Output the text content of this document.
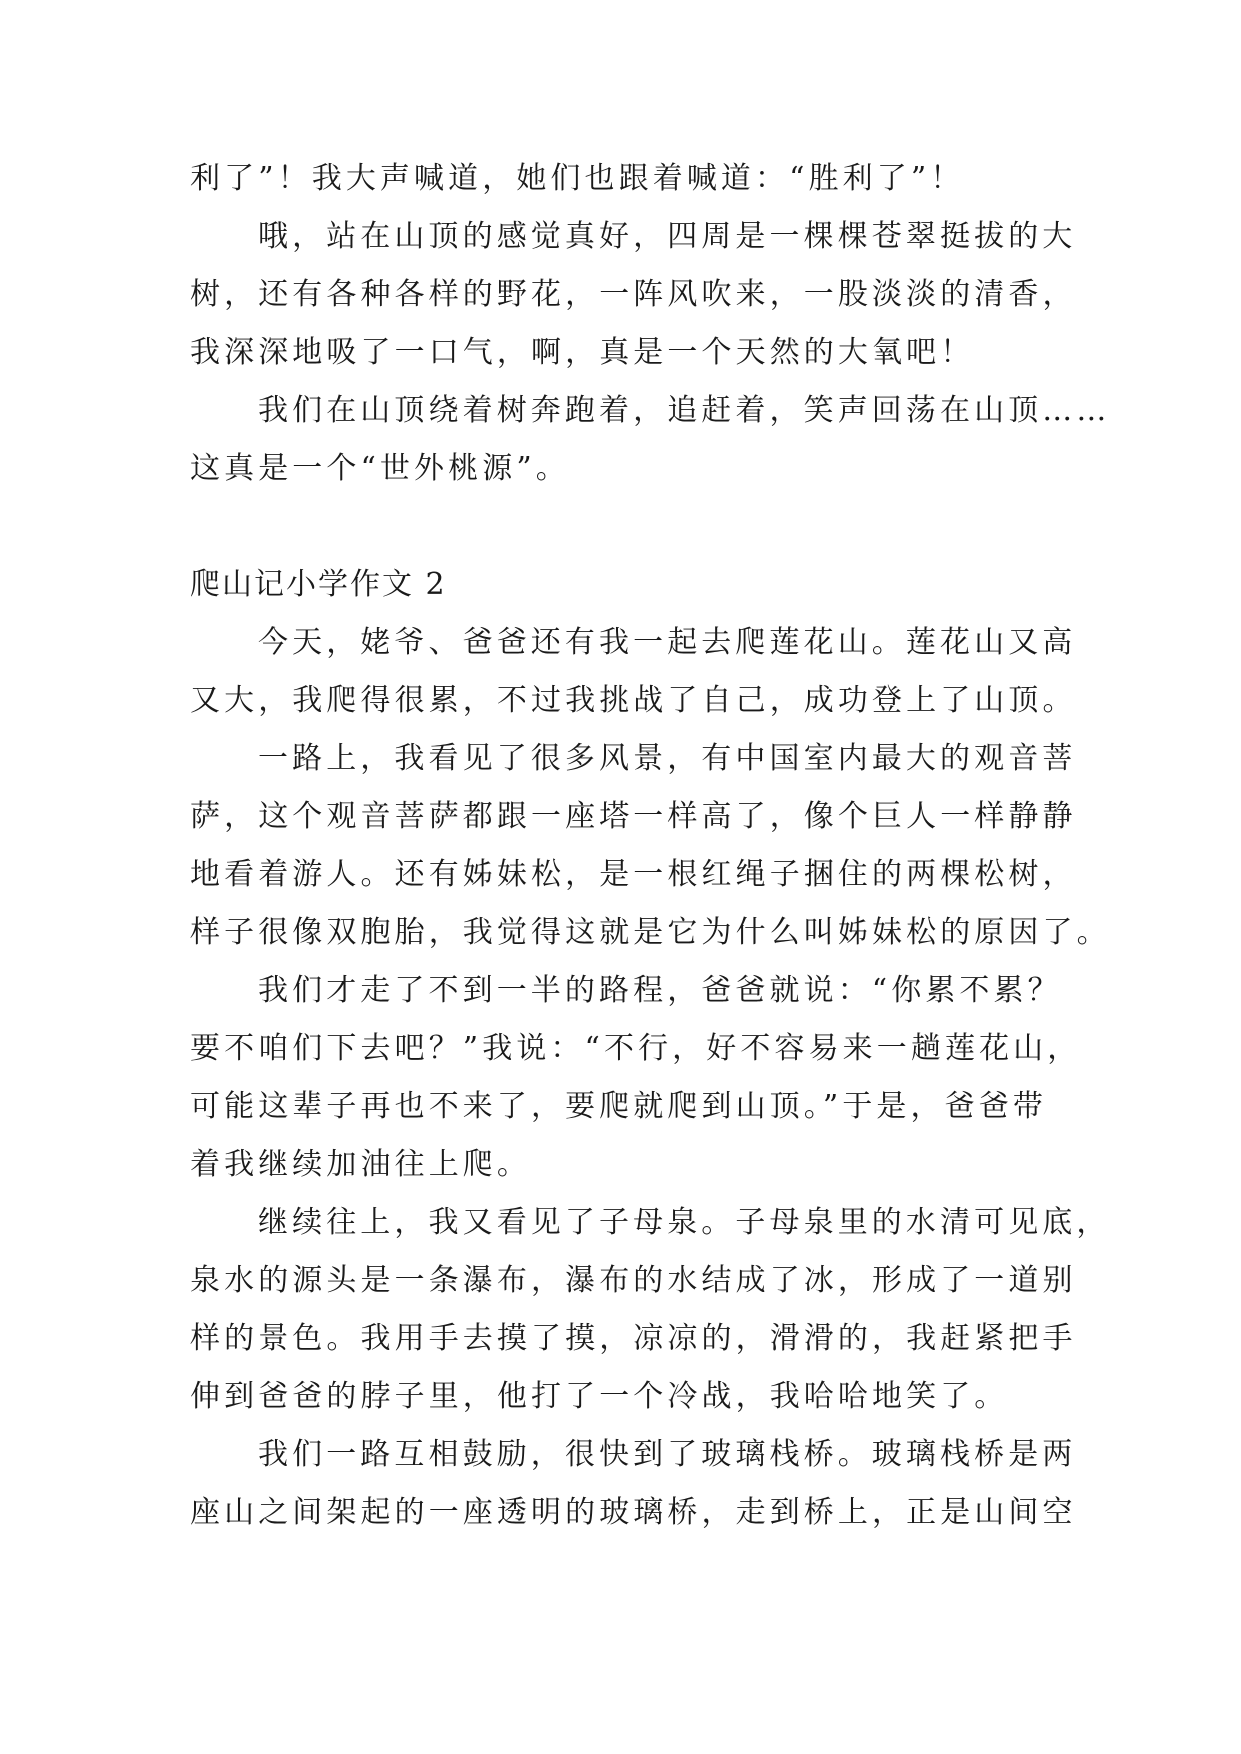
利了”！我大声喊道，她们也跟着喊道：“胜利了”！
哦，站在山顶的感觉真好，四周是一棵棵苍翠挺拔的大
树，还有各种各样的野花，一阵风吹来，一股淡淡的清香，
我深深地吸了一口气，啊，真是一个天然的大氧吧！
我们在山顶绕着树奔跑着，追赶着，笑声回荡在山顶……
这真是一个“世外桃源”。
爬山记小学作文 2
今天，姥爷、爸爸还有我一起去爬莲花山。莲花山又高
又大，我爬得很累，不过我挑战了自己，成功登上了山顶。
一路上，我看见了很多风景，有中国室内最大的观音菩
萨，这个观音菩萨都跟一座塔一样高了，像个巨人一样静静
地看着游人。还有姊妹松，是一根红绳子捆住的两棵松树，
样子很像双胞胎，我觉得这就是它为什么叫姊妹松的原因了。
我们才走了不到一半的路程，爸爸就说：“你累不累？
要不咱们下去吧？”我说：“不行，好不容易来一趟莲花山，
可能这辈子再也不来了，要爬就爬到山顶。”于是，爸爸带
着我继续加油往上爬。
继续往上，我又看见了子母泉。子母泉里的水清可见底，
泉水的源头是一条瀑布，瀑布的水结成了冰，形成了一道别
样的景色。我用手去摸了摸，凉凉的，滑滑的，我赶紧把手
伸到爸爸的脖子里，他打了一个冷战，我哈哈地笑了。
我们一路互相鼓励，很快到了玻璃栈桥。玻璃栈桥是两
座山之间架起的一座透明的玻璃桥，走到桥上，正是山间空
